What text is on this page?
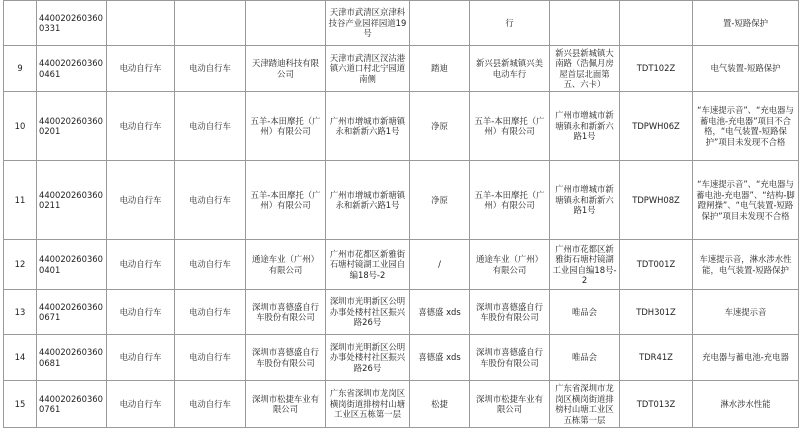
	4400202603600331				天津市武清区京津科技谷产业园祥园道19号		行			置-短路保护
9	4400202603600461	电动自行车	电动自行车	天津踏迪科技有限公司	天津市武清区汊沽港镇六道口村北宁园道南侧	踏迪	新兴县新城镇兴美电动车行	新兴县新城镇大南路（浩佩月房屋首层北面第五、六卡）	TDT102Z	电气装置-短路保护
10	4400202603600201	电动自行车	电动自行车	五羊-本田摩托（广州）有限公司	广州市增城市新塘镇永和新新六路1号	净原	五羊-本田摩托（广州）有限公司	广州市增城市新塘镇永和新新六路1号	TDPWH06Z	“车速提示音”、“充电器与蓄电池-充电器”项目不合格，“电气装置-短路保护”项目未发现不合格
11	4400202603600211	电动自行车	电动自行车	五羊-本田摩托（广州）有限公司	广州市增城市新塘镇永和新新六路1号	净原	五羊-本田摩托（广州）有限公司	广州市增城市新塘镇永和新新六路1号	TDPWH08Z	“车速提示音”、“充电器与蓄电池-充电器”、“结构-脚蹬闸操”、“电气装置-短路保护”项目未发现不合格
12	4400202603600401	电动自行车	电动自行车	通途车业（广州）有限公司	广州市花都区新雅街石塘村镜湖工业园自编18号-2	/	通途车业（广州）有限公司	广州市花都区新雅街石塘村镜湖工业园自编18号-2	TDT001Z	车速提示音，淋水涉水性能，电气装置-短路保护
13	4400202603600671	电动自行车	电动自行车	深圳市喜德盛自行车股份有限公司	深圳市光明新区公明办事处楼村社区振兴路26号	喜德盛 xds	深圳市喜德盛自行车股份有限公司	唯品会	TDH301Z	车速提示音
14	4400202603600681	电动自行车	电动自行车	深圳市喜德盛自行车股份有限公司	深圳市光明新区公明办事处楼村社区振兴路26号	喜德盛 xds	深圳市喜德盛自行车股份有限公司	唯品会	TDR41Z	充电器与蓄电池-充电器
15	4400202603600761	电动自行车	电动自行车	深圳市松捷车业有限公司	广东省深圳市龙岗区横岗街道排榜村山塘工业区五栋第一层	松捷	深圳市松捷车业有限公司	广东省深圳市龙岗区横岗街道排榜村山塘工业区五栋第一层	TDT013Z	淋水涉水性能
